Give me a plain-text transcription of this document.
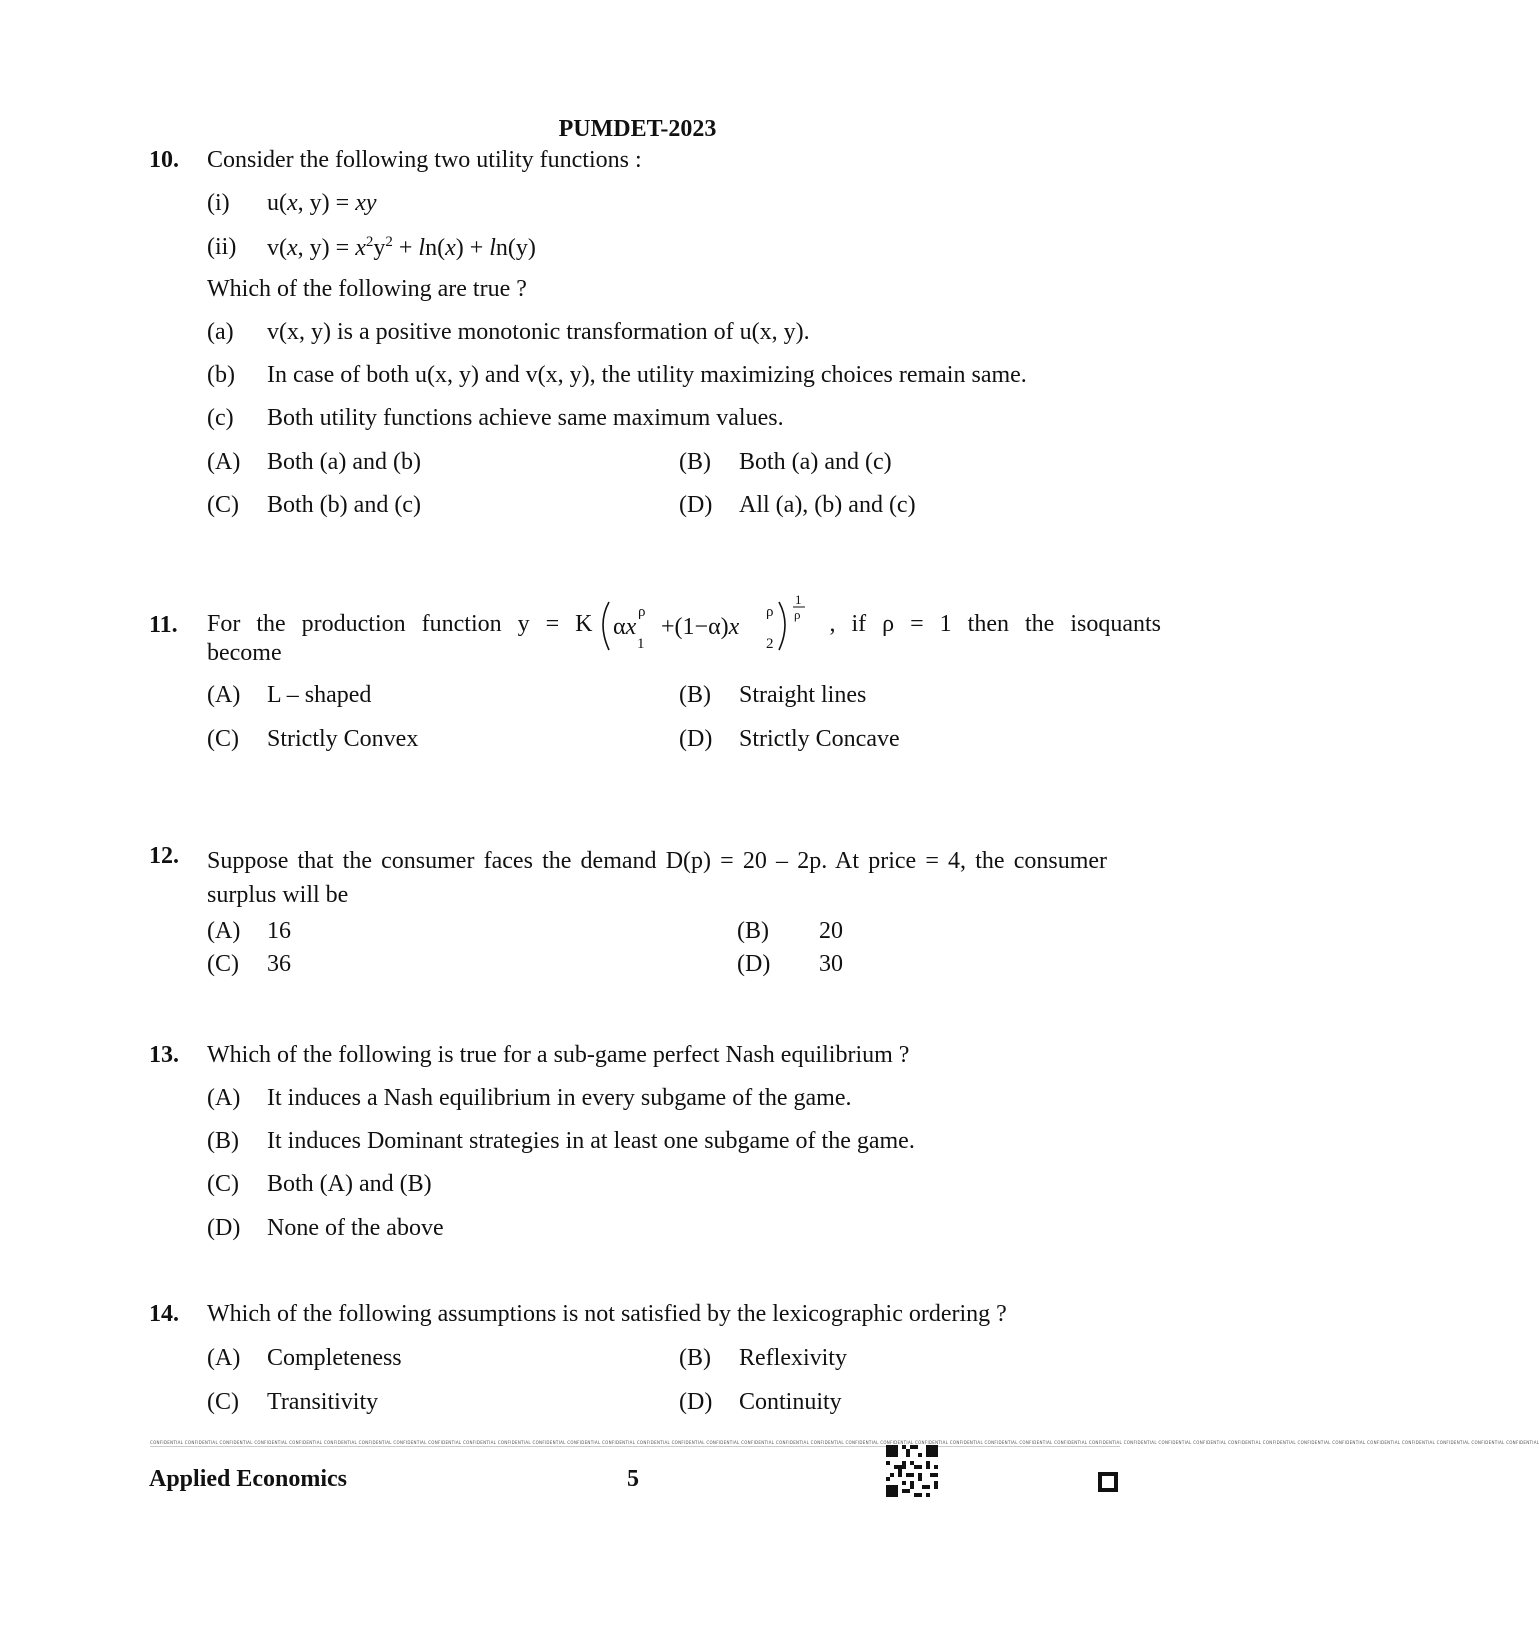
PUMDET-2023
10. Consider the following two utility functions :
(i) u(x, y) = xy
(ii) v(x, $y) = x^2y^2 + \ln(x) + \ln(y)$
Which of the following are true ?
(a) v(x, y) is a positive monotonic transformation of u(x, y).
(b) In case of both u(x, y) and v(x, y), the utility maximizing choices remain same.
(c) Both utility functions achieve same maximum values.
(A) Both (a) and (b)	(B) Both (a) and (c)
(C) Both (b) and (c)	(D) All (a), (b) and (c)
11. For the production function y = K αx
ρ
1
+(1−α)x
ρ
2
1
ρ , if ρ = 1 then the isoquants
become
(A) L – shaped	(B) Straight lines
(C) Strictly Convex	(D) Strictly Concave
12. Suppose that the consumer faces the demand D(p) = 20 – 2p. At price = 4, the consumer surplus will be
(A) 16	(B) 20
(C) 36	(D) 30
13. Which of the following is true for a sub-game perfect Nash equilibrium ?
(A) It induces a Nash equilibrium in every subgame of the game.
(B) It induces Dominant strategies in at least one subgame of the game.
(C) Both (A) and (B)
(D) None of the above
14. Which of the following assumptions is not satisfied by the lexicographic ordering ?
(A) Completeness	(B) Reflexivity
(C) Transitivity	(D) Continuity
CONFIDENTIAL CONFIDENTIAL CONFIDENTIAL CONFIDENTIAL CONFIDENTIAL CONFIDENTIAL CONFIDENTIAL CONFIDENTIAL CONFIDENTIAL CONFIDENTIAL CONFIDENTIAL CONFIDENTIAL CONFIDENTIAL CONFIDENTIAL CONFIDENTIAL CONFIDENTIAL CONFIDENTIAL CONFIDENTIAL CONFIDENTIAL CONFIDENTIAL CONFIDENTIAL CONFIDENTIAL CONFIDENTIAL CONFIDENTIAL CONFIDENTIAL CONFIDENTIAL CONFIDENTIAL CONFIDENTIAL CONFIDENTIAL CONFIDENTIAL CONFIDENTIAL CONFIDENTIAL CONFIDENTIAL CONFIDENTIAL CONFIDENTIAL CONFIDENTIAL CONFIDENTIAL CONFIDENTIAL CONFIDENTIAL CONFIDENTIAL
Applied Economics	5
